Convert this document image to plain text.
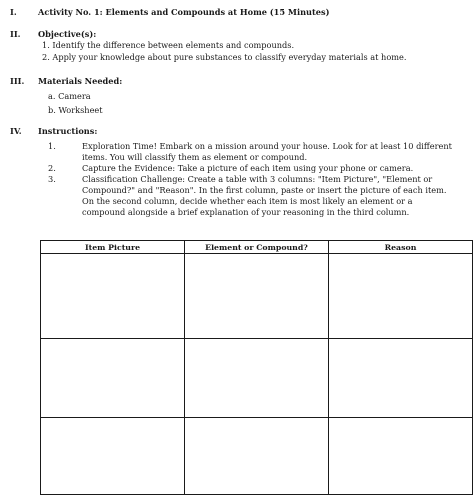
I.	Activity No. 1: Elements and Compounds at Home (15 Minutes)
II. Objective(s):
1. Identify the difference between elements and compounds.
2. Apply your knowledge about pure substances to classify everyday materials at home.
III. Materials Needed:
a. Camera
b. Worksheet
IV. Instructions:
1.	Exploration Time! Embark on a mission around your house. Look for at least 10 different items. You will classify them as element or compound.
2.	Capture the Evidence: Take a picture of each item using your phone or camera.
3.	Classification Challenge: Create a table with 3 columns: "Item Picture", "Element or Compound?" and "Reason". In the first column, paste or insert the picture of each item. On the second column, decide whether each item is most likely an element or a compound alongside a brief explanation of your reasoning in the third column.
Item Picture	Element or Compound?	Reason
